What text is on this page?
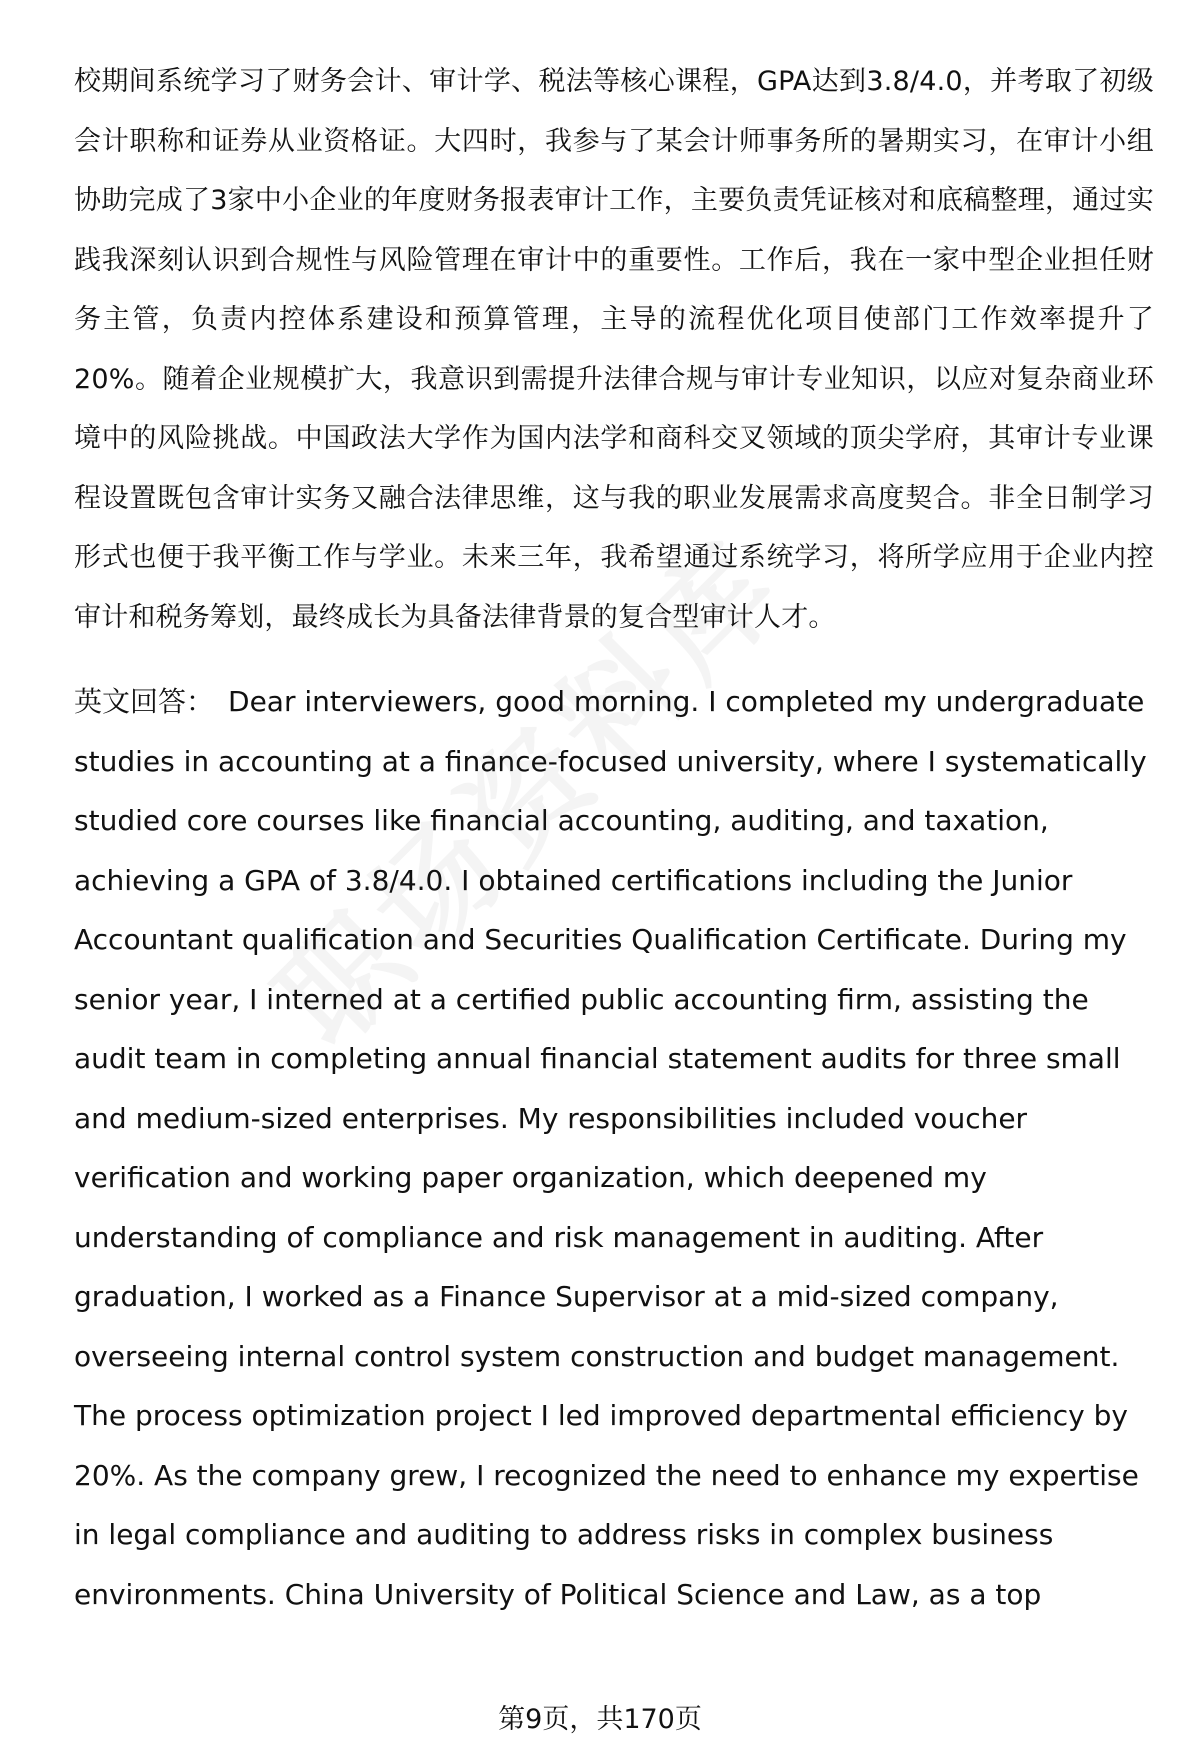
校期间系统学习了财务会计、审计学、税法等核心课程，GPA达到3.8/4.0，并考取了初级会计职称和证券从业资格证。大四时，我参与了某会计师事务所的暑期实习，在审计小组协助完成了3家中小企业的年度财务报表审计工作，主要负责凭证核对和底稿整理，通过实践我深刻认识到合规性与风险管理在审计中的重要性。工作后，我在一家中型企业担任财务主管，负责内控体系建设和预算管理，主导的流程优化项目使部门工作效率提升了20%。随着企业规模扩大，我意识到需提升法律合规与审计专业知识，以应对复杂商业环境中的风险挑战。中国政法大学作为国内法学和商科交叉领域的顶尖学府，其审计专业课程设置既包含审计实务又融合法律思维，这与我的职业发展需求高度契合。非全日制学习形式也便于我平衡工作与学业。未来三年，我希望通过系统学习，将所学应用于企业内控审计和税务筹划，最终成长为具备法律背景的复合型审计人才。

英文回答： Dear interviewers, good morning. I completed my undergraduate studies in accounting at a finance-focused university, where I systematically studied core courses like financial accounting, auditing, and taxation, achieving a GPA of 3.8/4.0. I obtained certifications including the Junior Accountant qualification and Securities Qualification Certificate. During my senior year, I interned at a certified public accounting firm, assisting the audit team in completing annual financial statement audits for three small and medium-sized enterprises. My responsibilities included voucher verification and working paper organization, which deepened my understanding of compliance and risk management in auditing. After graduation, I worked as a Finance Supervisor at a mid-sized company, overseeing internal control system construction and budget management. The process optimization project I led improved departmental efficiency by 20%. As the company grew, I recognized the need to enhance my expertise in legal compliance and auditing to address risks in complex business environments. China University of Political Science and Law, as a top

第9页，共170页
